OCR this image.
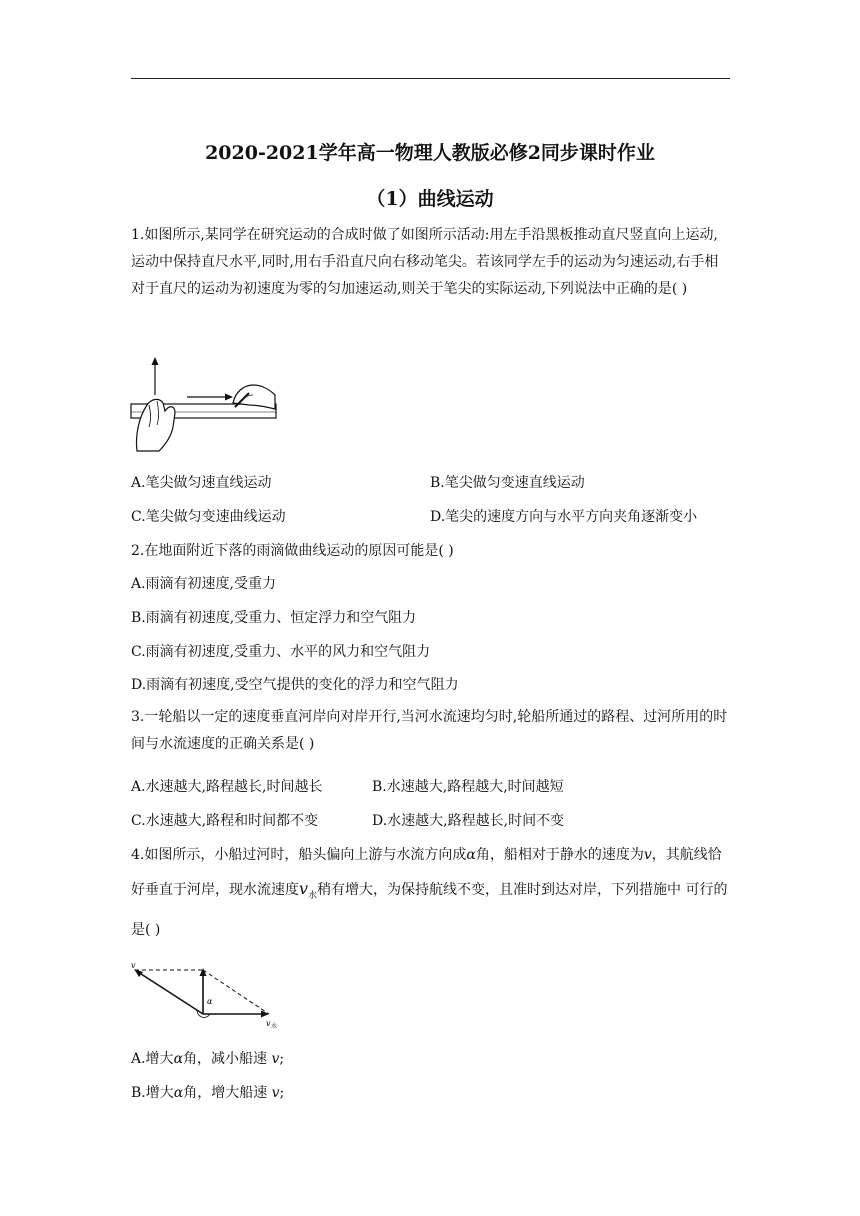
2020-2021学年高一物理人教版必修2同步课时作业
（1）曲线运动
1.如图所示,某同学在研究运动的合成时做了如图所示活动:用左手沿黑板推动直尺竖直向上运动,运动中保持直尺水平,同时,用右手沿直尺向右移动笔尖。若该同学左手的运动为匀速运动,右手相对于直尺的运动为初速度为零的匀加速运动,则关于笔尖的实际运动,下列说法中正确的是( )
A.笔尖做匀速直线运动	B.笔尖做匀变速直线运动
C.笔尖做匀变速曲线运动	D.笔尖的速度方向与水平方向夹角逐渐变小
2.在地面附近下落的雨滴做曲线运动的原因可能是( )
A.雨滴有初速度,受重力
B.雨滴有初速度,受重力、恒定浮力和空气阻力
C.雨滴有初速度,受重力、水平的风力和空气阻力
D.雨滴有初速度,受空气提供的变化的浮力和空气阻力
3.一轮船以一定的速度垂直河岸向对岸开行,当河水流速均匀时,轮船所通过的路程、过河所用的时间与水流速度的正确关系是( )
A.水速越大,路程越长,时间越长	B.水速越大,路程越大,时间越短
C.水速越大,路程和时间都不变	D.水速越大,路程越长,时间不变
4.如图所示，小船过河时，船头偏向上游与水流方向成α角，船相对于静水的速度为v，其航线恰好垂直于河岸，现水流速度$v_水$稍有增大，为保持航线不变，且准时到达对岸，下列措施中 可行的是( )
v
α
v 水
A.增大α角，减小船速 v;
B.增大α角，增大船速 v;
